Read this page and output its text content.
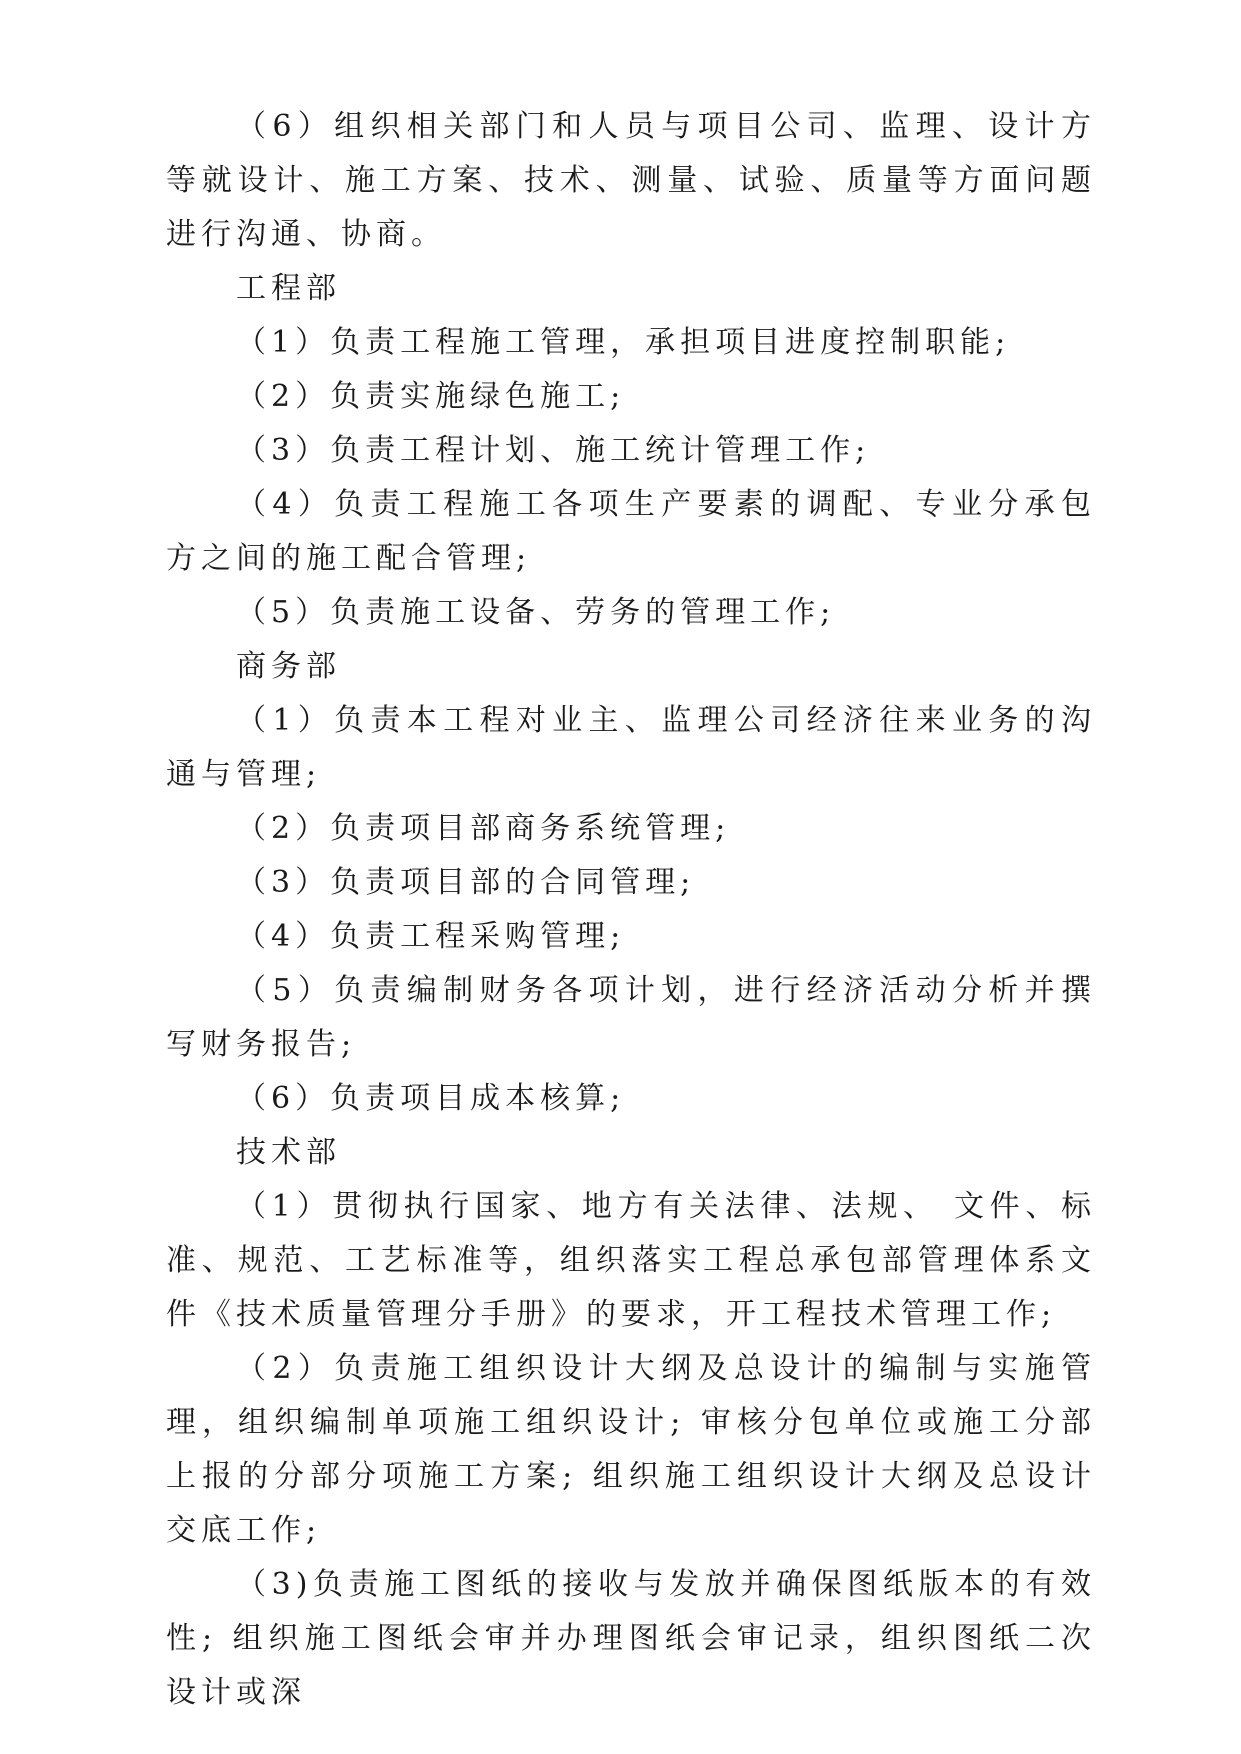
（6）组织相关部门和人员与项目公司、监理、设计方等就设计、施工方案、技术、测量、试验、质量等方面问题进行沟通、协商。

工程部

（1）负责工程施工管理，承担项目进度控制职能;

（2）负责实施绿色施工;

（3）负责工程计划、施工统计管理工作;

（4）负责工程施工各项生产要素的调配、专业分承包方之间的施工配合管理;

（5）负责施工设备、劳务的管理工作;

商务部

（1）负责本工程对业主、监理公司经济往来业务的沟通与管理;

（2）负责项目部商务系统管理;

（3）负责项目部的合同管理;

（4）负责工程采购管理;

（5）负责编制财务各项计划，进行经济活动分析并撰写财务报告;

（6）负责项目成本核算;

技术部

（1）贯彻执行国家、地方有关法律、法规、 文件、标准、规范、工艺标准等，组织落实工程总承包部管理体系文件《技术质量管理分手册》的要求，开工程技术管理工作;

（2）负责施工组织设计大纲及总设计的编制与实施管理，组织编制单项施工组织设计; 审核分包单位或施工分部上报的分部分项施工方案; 组织施工组织设计大纲及总设计交底工作;

（3)负责施工图纸的接收与发放并确保图纸版本的有效性; 组织施工图纸会审并办理图纸会审记录，组织图纸二次设计或深
